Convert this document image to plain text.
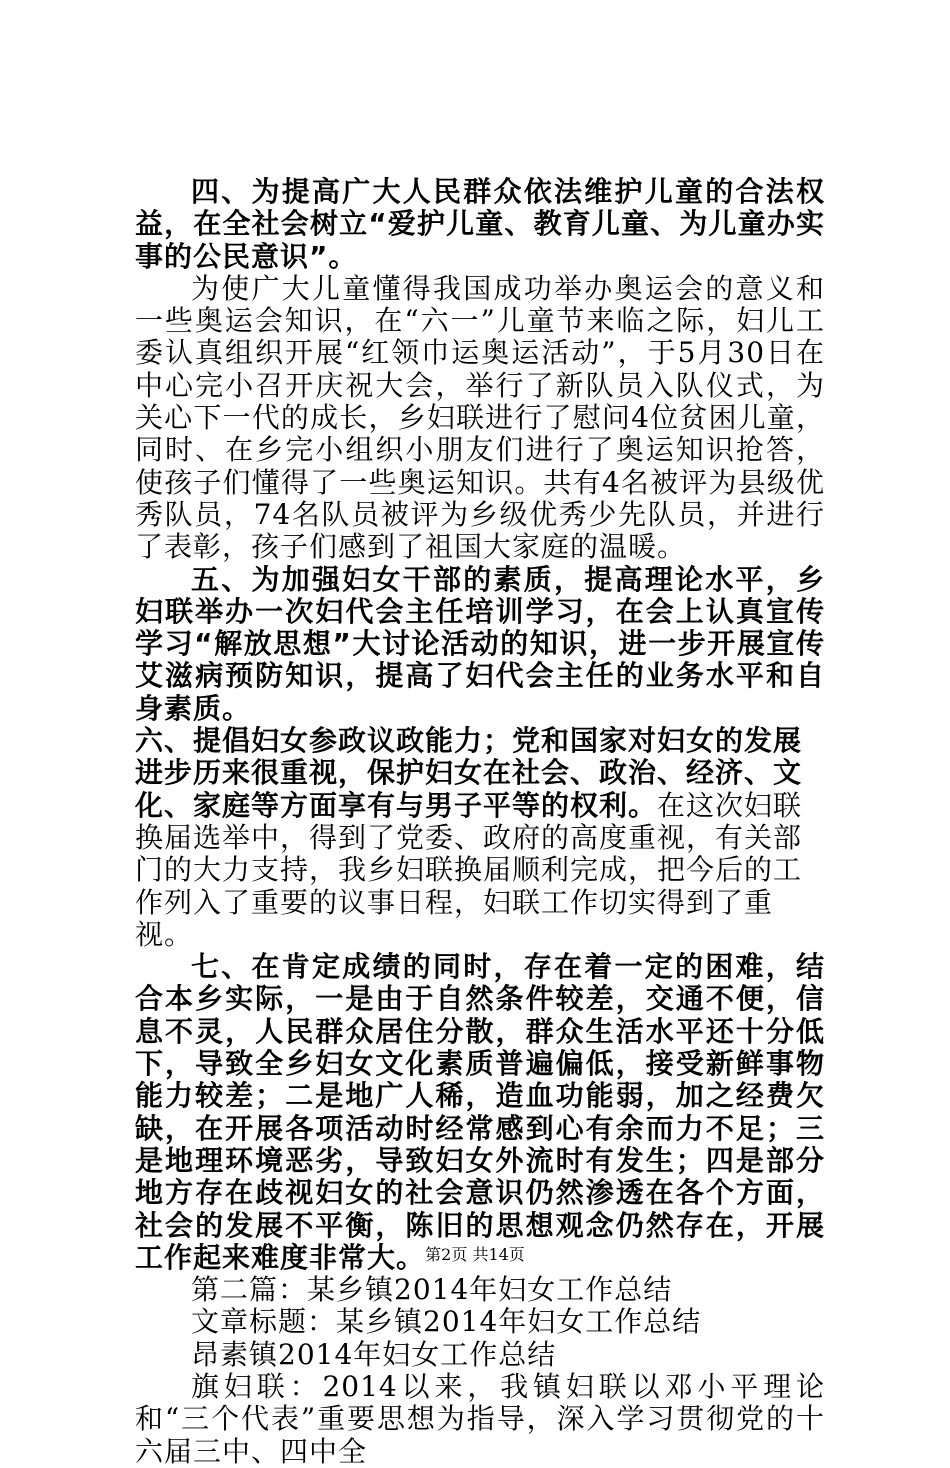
四、为提高广大人民群众依法维护儿童的合法权益，在全社会树立“爱护儿童、教育儿童、为儿童办实事的公民意识”。

为使广大儿童懂得我国成功举办奥运会的意义和一些奥运会知识，在“六一”儿童节来临之际，妇儿工委认真组织开展“红领巾运奥运活动”，于5月30日在中心完小召开庆祝大会，举行了新队员入队仪式，为关心下一代的成长，乡妇联进行了慰问4位贫困儿童，同时、在乡完小组织小朋友们进行了奥运知识抢答，使孩子们懂得了一些奥运知识。共有4名被评为县级优秀队员，74名队员被评为乡级优秀少先队员，并进行了表彰，孩子们感到了祖国大家庭的温暖。

五、为加强妇女干部的素质，提高理论水平，乡妇联举办一次妇代会主任培训学习，在会上认真宣传学习“解放思想”大讨论活动的知识，进一步开展宣传艾滋病预防知识，提高了妇代会主任的业务水平和自身素质。

六、提倡妇女参政议政能力；党和国家对妇女的发展进步历来很重视，保护妇女在社会、政治、经济、文化、家庭等方面享有与男子平等的权利。

在这次妇联换届选举中，得到了党委、政府的高度重视，有关部门的大力支持，我乡妇联换届顺利完成，把今后的工作列入了重要的议事日程，妇联工作切实得到了重视。

七、在肯定成绩的同时，存在着一定的困难，结合本乡实际，一是由于自然条件较差，交通不便，信息不灵，人民群众居住分散，群众生活水平还十分低下，导致全乡妇女文化素质普遍偏低，接受新鲜事物能力较差；二是地广人稀，造血功能弱，加之经费欠缺，在开展各项活动时经常感到心有余而力不足；三是地理环境恶劣，导致妇女外流时有发生；四是部分地方存在歧视妇女的社会意识仍然渗透在各个方面，社会的发展不平衡，陈旧的思想观念仍然存在，开展工作起来难度非常大。

第二篇：某乡镇2014年妇女工作总结

文章标题：某乡镇2014年妇女工作总结

昂素镇2014年妇女工作总结

旗妇联：2014以来，我镇妇联以邓小平理论和“三个代表”重要思想为指导，深入学习贯彻党的十六届三中、四中全

第2页 共14页
